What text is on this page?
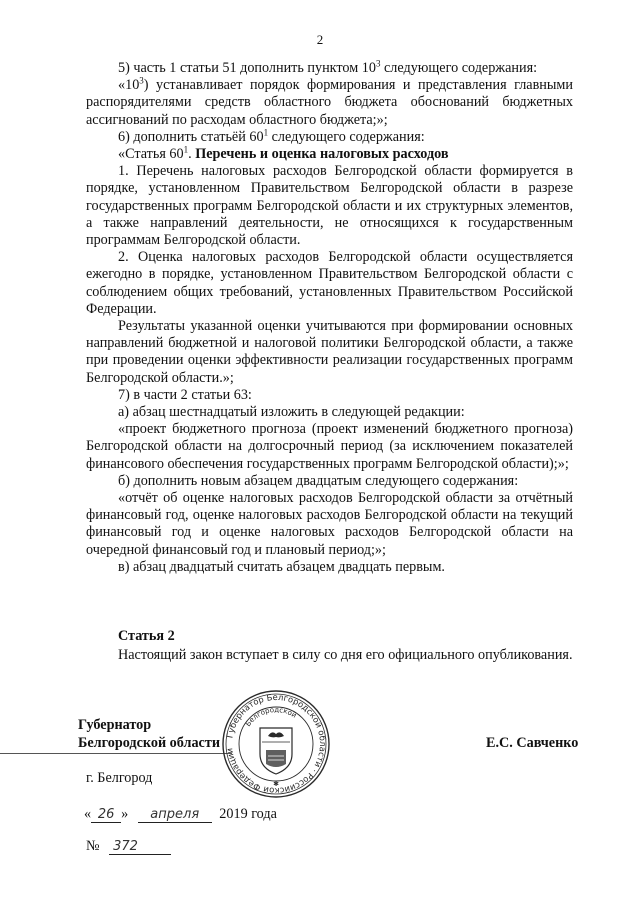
2

5) часть 1 статьи 51 дополнить пунктом $10^3$ следующего содержания:

«$10^3$) устанавливает порядок формирования и представления главными распорядителями средств областного бюджета обоснований бюджетных ассигнований по расходам областного бюджета;»;

6) дополнить статьёй $60^1$ следующего содержания:

«Статья $60^1$. Перечень и оценка налоговых расходов

1. Перечень налоговых расходов Белгородской области формируется в порядке, установленном Правительством Белгородской области в разрезе государственных программ Белгородской области и их структурных элементов, а также направлений деятельности, не относящихся к государственным программам Белгородской области.

2. Оценка налоговых расходов Белгородской области осуществляется ежегодно в порядке, установленном Правительством Белгородской области с соблюдением общих требований, установленных Правительством Российской Федерации.

Результаты указанной оценки учитываются при формировании основных направлений бюджетной и налоговой политики Белгородской области, а также при проведении оценки эффективности реализации государственных программ Белгородской области.»;

7) в части 2 статьи 63:

а) абзац шестнадцатый изложить в следующей редакции:

«проект бюджетного прогноза (проект изменений бюджетного прогноза) Белгородской области на долгосрочный период (за исключением показателей финансового обеспечения государственных программ Белгородской области);»;

б) дополнить новым абзацем двадцатым следующего содержания:

«отчёт об оценке налоговых расходов Белгородской области за отчётный финансовый год, оценке налоговых расходов Белгородской области на текущий финансовый год и оценке налоговых расходов Белгородской области на очередной финансовый год и плановый период;»;

в) абзац двадцатый считать абзацем двадцать первым.

Статья 2

Настоящий закон вступает в силу со дня его официального опубликования.

Губернатор
Белгородской области Губернатор Белгородской области · Российской Федерации
Белгородской
✱
Е.С. Савченко
г. Белгород
« 26 » апреля 2019 года
№ 372
